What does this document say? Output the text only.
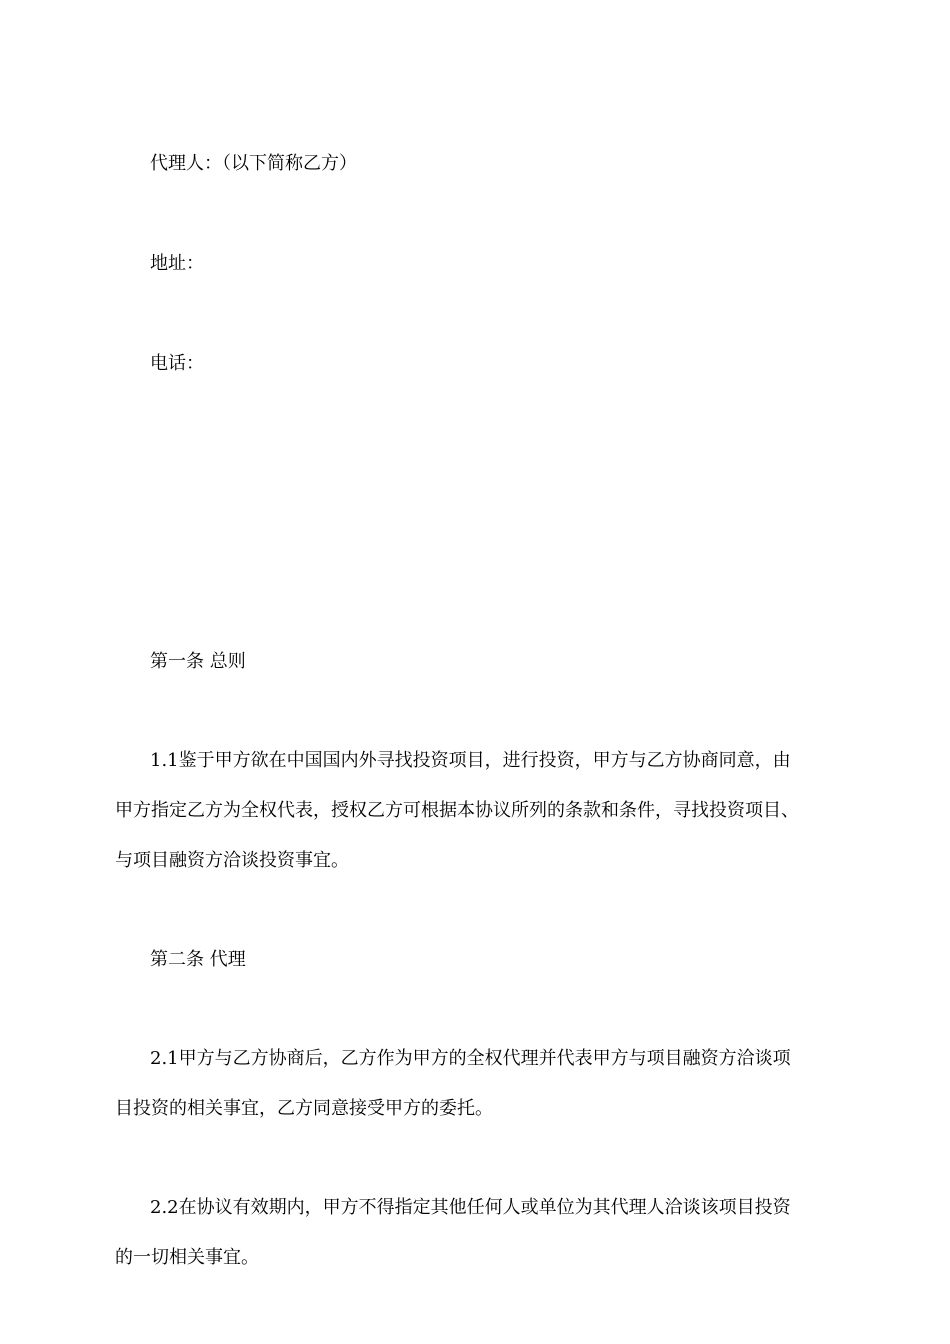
代理人：（以下简称乙方）
地址：
电话：
第一条 总则
1.1鉴于甲方欲在中国国内外寻找投资项目，进行投资，甲方与乙方协商同意，由
甲方指定乙方为全权代表，授权乙方可根据本协议所列的条款和条件，寻找投资项目、
与项目融资方洽谈投资事宜。
第二条 代理
2.1甲方与乙方协商后，乙方作为甲方的全权代理并代表甲方与项目融资方洽谈项
目投资的相关事宜，乙方同意接受甲方的委托。
2.2在协议有效期内，甲方不得指定其他任何人或单位为其代理人洽谈该项目投资
的一切相关事宜。
